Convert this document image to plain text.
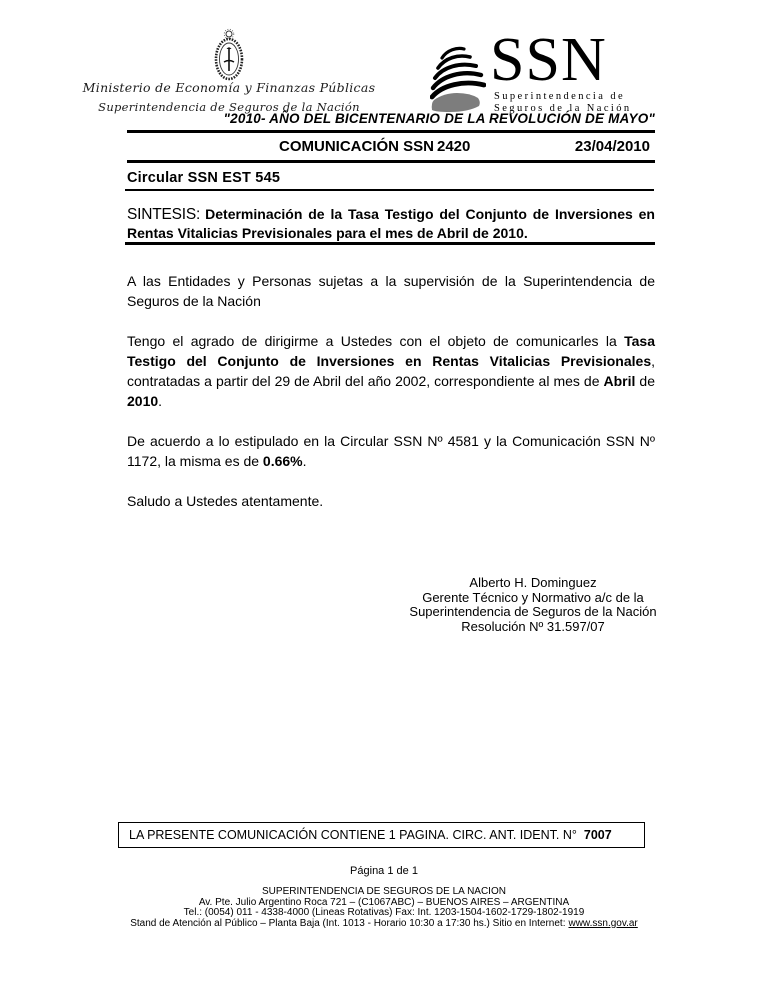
Ministerio de Economía y Finanzas Públicas
Superintendencia de Seguros de la Nación
SSN
Superintendencia de
Seguros de la Nación
"2010- AÑO DEL BICENTENARIO DE LA REVOLUCIÓN DE MAYO"
COMUNICACIÓN SSN 2420	23/04/2010
Circular SSN EST 545
SINTESIS: Determinación de la Tasa Testigo del Conjunto de Inversiones en Rentas Vitalicias Previsionales para el mes de Abril de 2010.

A las Entidades y Personas sujetas a la supervisión de la Superintendencia de Seguros de la Nación

Tengo el agrado de dirigirme a Ustedes con el objeto de comunicarles la Tasa Testigo del Conjunto de Inversiones en Rentas Vitalicias Previsionales, contratadas a partir del 29 de Abril del año 2002, correspondiente al mes de Abril de 2010.

De acuerdo a lo estipulado en la Circular SSN Nº 4581 y la Comunicación SSN Nº 1172, la misma es de 0.66%.

Saludo a Ustedes atentamente.

Alberto H. Dominguez
Gerente Técnico y Normativo a/c de la
Superintendencia de Seguros de la Nación
Resolución Nº 31.597/07
LA PRESENTE COMUNICACIÓN CONTIENE 1 PAGINA. CIRC. ANT. IDENT. N° 7007
Página 1 de 1
SUPERINTENDENCIA DE SEGUROS DE LA NACION
Av. Pte. Julio Argentino Roca 721 – (C1067ABC) – BUENOS AIRES – ARGENTINA
Tel.: (0054) 011 - 4338-4000 (Lineas Rotativas) Fax: Int. 1203-1504-1602-1729-1802-1919
Stand de Atención al Público – Planta Baja (Int. 1013 - Horario 10:30 a 17:30 hs.) Sitio en Internet: www.ssn.gov.ar
